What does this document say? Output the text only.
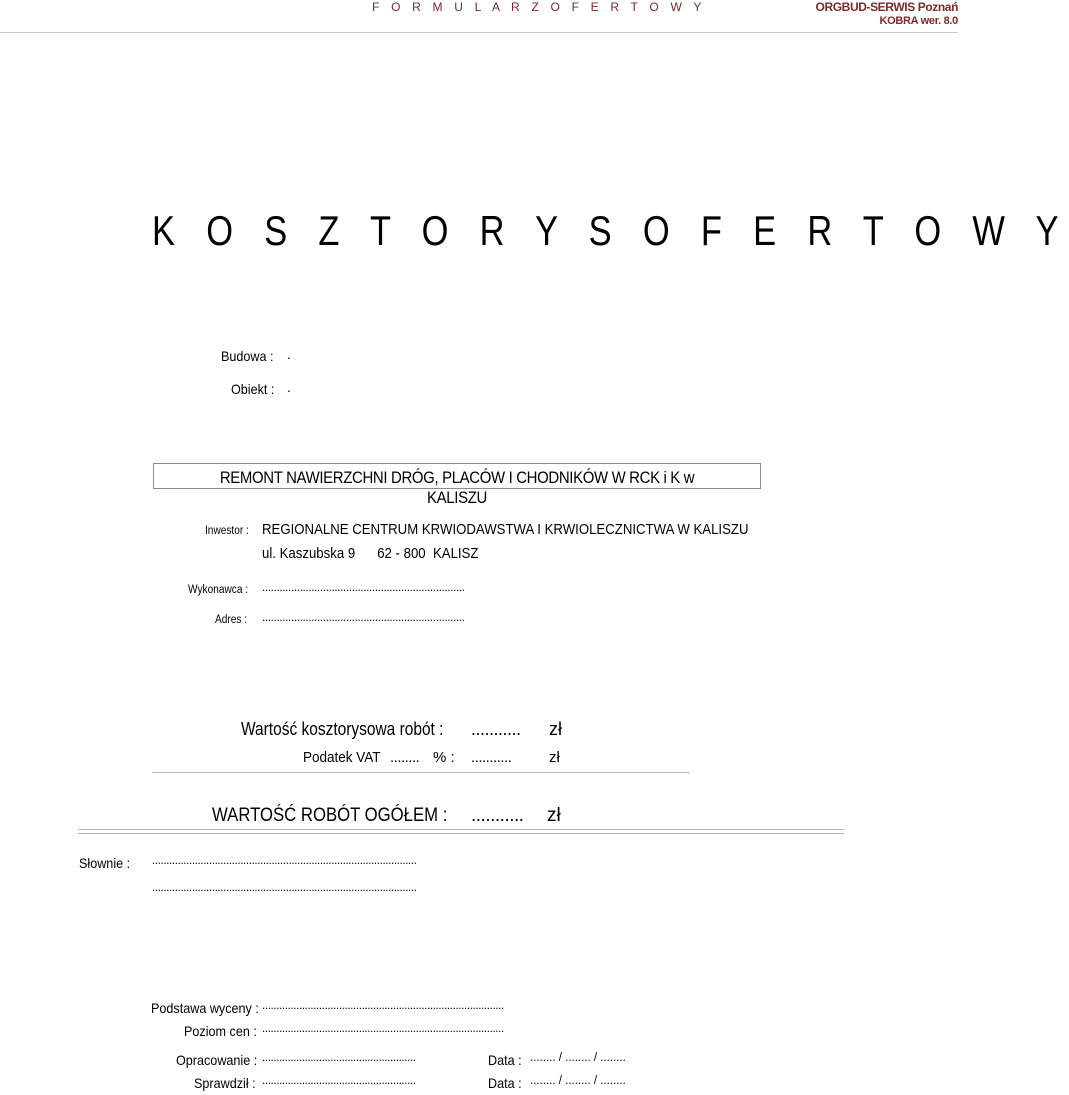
F O R M U L A R Z O F E R T O W Y	ORGBUD-SERWIS Poznań
KOBRA wer. 8.0
K O S Z T O R Y S O F E R T O W Y
Budowa : .
Obiekt : .
REMONT NAWIERZCHNI DRÓG, PLACÓW I CHODNIKÓW W RCK i K w KALISZU
Inwestor : REGIONALNE CENTRUM KRWIODAWSTWA I KRWIOLECZNICTWA W KALISZU
ul. Kaszubska 9      62 - 800  KALISZ
Wykonawca : ......................................................................
Adres : ......................................................................
Wartość kosztorysowa robót : ........... zł
Podatek VAT ........ % : ...........	zł
WARTOŚĆ ROBÓT OGÓŁEM : ........... zł
Słownie : .............................................................................................
.............................................................................................
Podstawa wyceny : .....................................................................................
Poziom cen : .....................................................................................
Opracowanie : ......................................................	Data : ........ / ........ / ........
Sprawdził : ......................................................	Data : ........ / ........ / ........
